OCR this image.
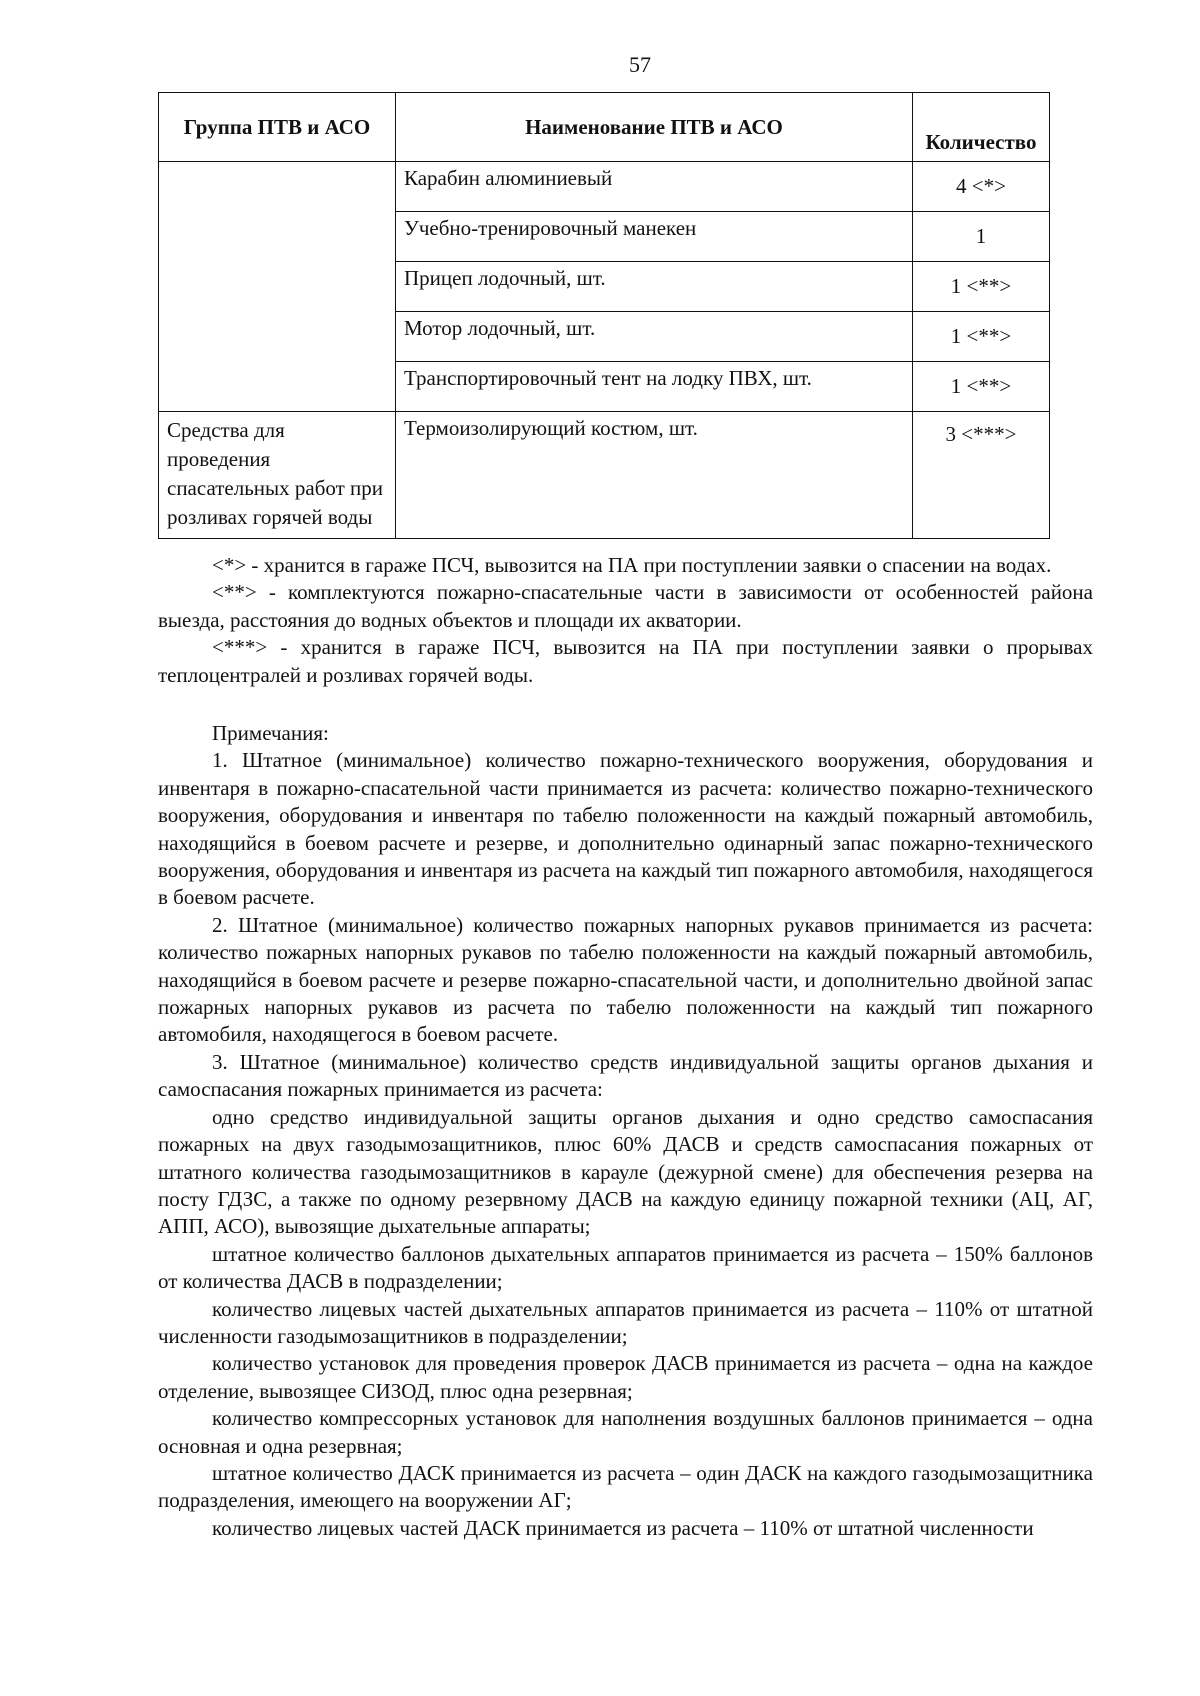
57
Группа ПТВ и АСО	Наименование ПТВ и АСО	Количество
	Карабин алюминиевый	4 <*>
	Учебно-тренировочный манекен	1
	Прицеп лодочный, шт.	1 <**>
	Мотор лодочный, шт.	1 <**>
	Транспортировочный тент на лодку ПВХ, шт.	1 <**>
Средства для проведения спасательных работ при розливах горячей воды	Термоизолирующий костюм, шт.	3 <***>

<*> - хранится в гараже ПСЧ, вывозится на ПА при поступлении заявки о спасении на водах.

<**> - комплектуются пожарно-спасательные части в зависимости от особенностей района выезда, расстояния до водных объектов и площади их акватории.

<***> - хранится в гараже ПСЧ, вывозится на ПА при поступлении заявки о прорывах теплоцентралей и розливах горячей воды.

Примечания:

1. Штатное (минимальное) количество пожарно-технического вооружения, оборудования и инвентаря в пожарно-спасательной части принимается из расчета: количество пожарно-технического вооружения, оборудования и инвентаря по табелю положенности на каждый пожарный автомобиль, находящийся в боевом расчете и резерве, и дополнительно одинарный запас пожарно-технического вооружения, оборудования и инвентаря из расчета на каждый тип пожарного автомобиля, находящегося в боевом расчете.

2. Штатное (минимальное) количество пожарных напорных рукавов принимается из расчета: количество пожарных напорных рукавов по табелю положенности на каждый пожарный автомобиль, находящийся в боевом расчете и резерве пожарно-спасательной части, и дополнительно двойной запас пожарных напорных рукавов из расчета по табелю положенности на каждый тип пожарного автомобиля, находящегося в боевом расчете.

3. Штатное (минимальное) количество средств индивидуальной защиты органов дыхания и самоспасания пожарных принимается из расчета:

одно средство индивидуальной защиты органов дыхания и одно средство самоспасания пожарных на двух газодымозащитников, плюс 60% ДАСВ и средств самоспасания пожарных от штатного количества газодымозащитников в карауле (дежурной смене) для обеспечения резерва на посту ГДЗС, а также по одному резервному ДАСВ на каждую единицу пожарной техники (АЦ, АГ, АПП, АСО), вывозящие дыхательные аппараты;

штатное количество баллонов дыхательных аппаратов принимается из расчета – 150% баллонов от количества ДАСВ в подразделении;

количество лицевых частей дыхательных аппаратов принимается из расчета – 110% от штатной численности газодымозащитников в подразделении;

количество установок для проведения проверок ДАСВ принимается из расчета – одна на каждое отделение, вывозящее СИЗОД, плюс одна резервная;

количество компрессорных установок для наполнения воздушных баллонов принимается – одна основная и одна резервная;

штатное количество ДАСК принимается из расчета – один ДАСК на каждого газодымозащитника подразделения, имеющего на вооружении АГ;

количество лицевых частей ДАСК принимается из расчета – 110% от штатной численности
